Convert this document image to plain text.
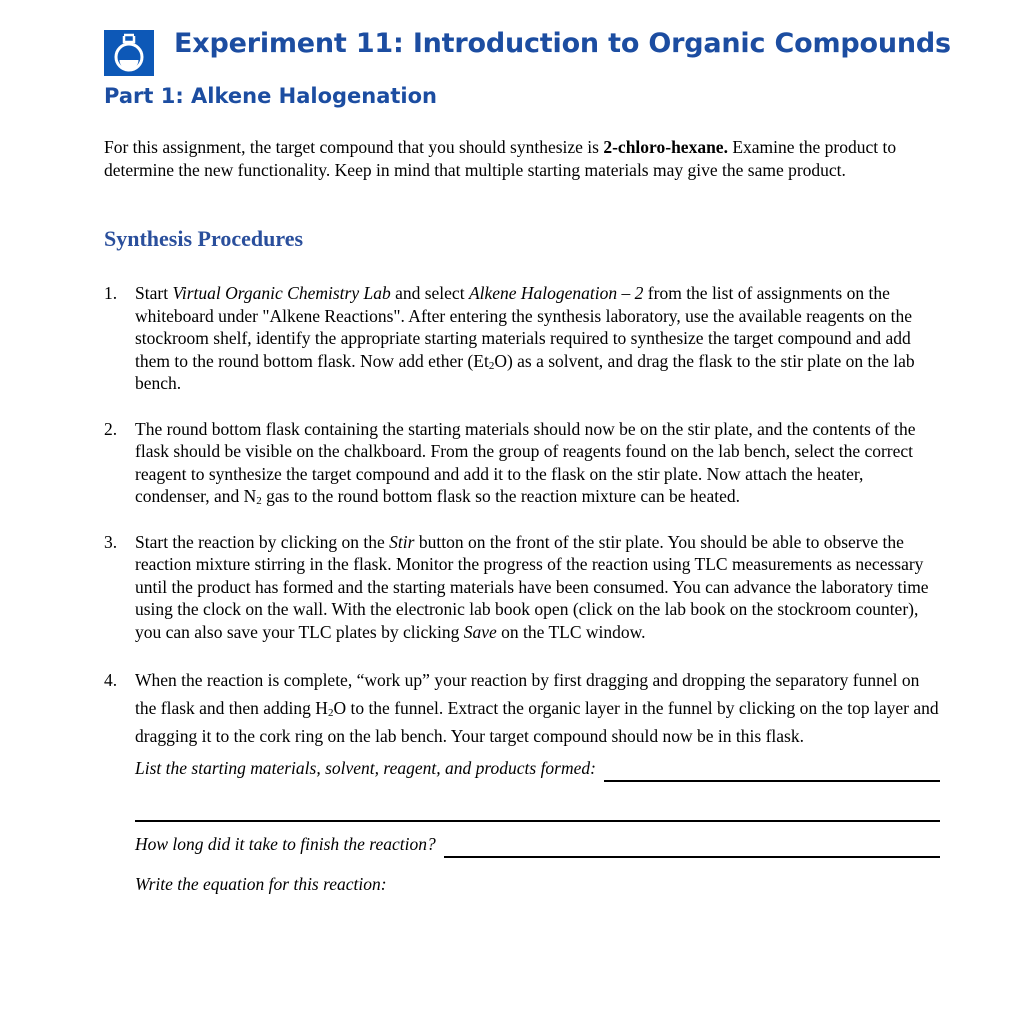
Experiment 11: Introduction to Organic Compounds
Part 1: Alkene Halogenation

For this assignment, the target compound that you should synthesize is 2-chloro-hexane. Examine the product to determine the new functionality. Keep in mind that multiple starting materials may give the same product.

Synthesis Procedures
1. Start Virtual Organic Chemistry Lab and select Alkene Halogenation – 2 from the list of assignments on the whiteboard under "Alkene Reactions". After entering the synthesis laboratory, use the available reagents on the stockroom shelf, identify the appropriate starting materials required to synthesize the target compound and add them to the round bottom flask. Now add ether $(Et_2O)$ as a solvent, and drag the flask to the stir plate on the lab bench.
2. The round bottom flask containing the starting materials should now be on the stir plate, and the contents of the flask should be visible on the chalkboard. From the group of reagents found on the lab bench, select the correct reagent to synthesize the target compound and add it to the flask on the stir plate. Now attach the heater, condenser, and $N_2$ gas to the round bottom flask so the reaction mixture can be heated.
3. Start the reaction by clicking on the Stir button on the front of the stir plate. You should be able to observe the reaction mixture stirring in the flask. Monitor the progress of the reaction using TLC measurements as necessary until the product has formed and the starting materials have been consumed. You can advance the laboratory time using the clock on the wall. With the electronic lab book open (click on the lab book on the stockroom counter), you can also save your TLC plates by clicking Save on the TLC window.
4. When the reaction is complete, “work up” your reaction by first dragging and dropping the separatory funnel on the flask and then adding $H_2O$ to the funnel. Extract the organic layer in the funnel by clicking on the top layer and dragging it to the cork ring on the lab bench. Your target compound should now be in this flask.
List the starting materials, solvent, reagent, and products formed:
How long did it take to finish the reaction?
Write the equation for this reaction:
